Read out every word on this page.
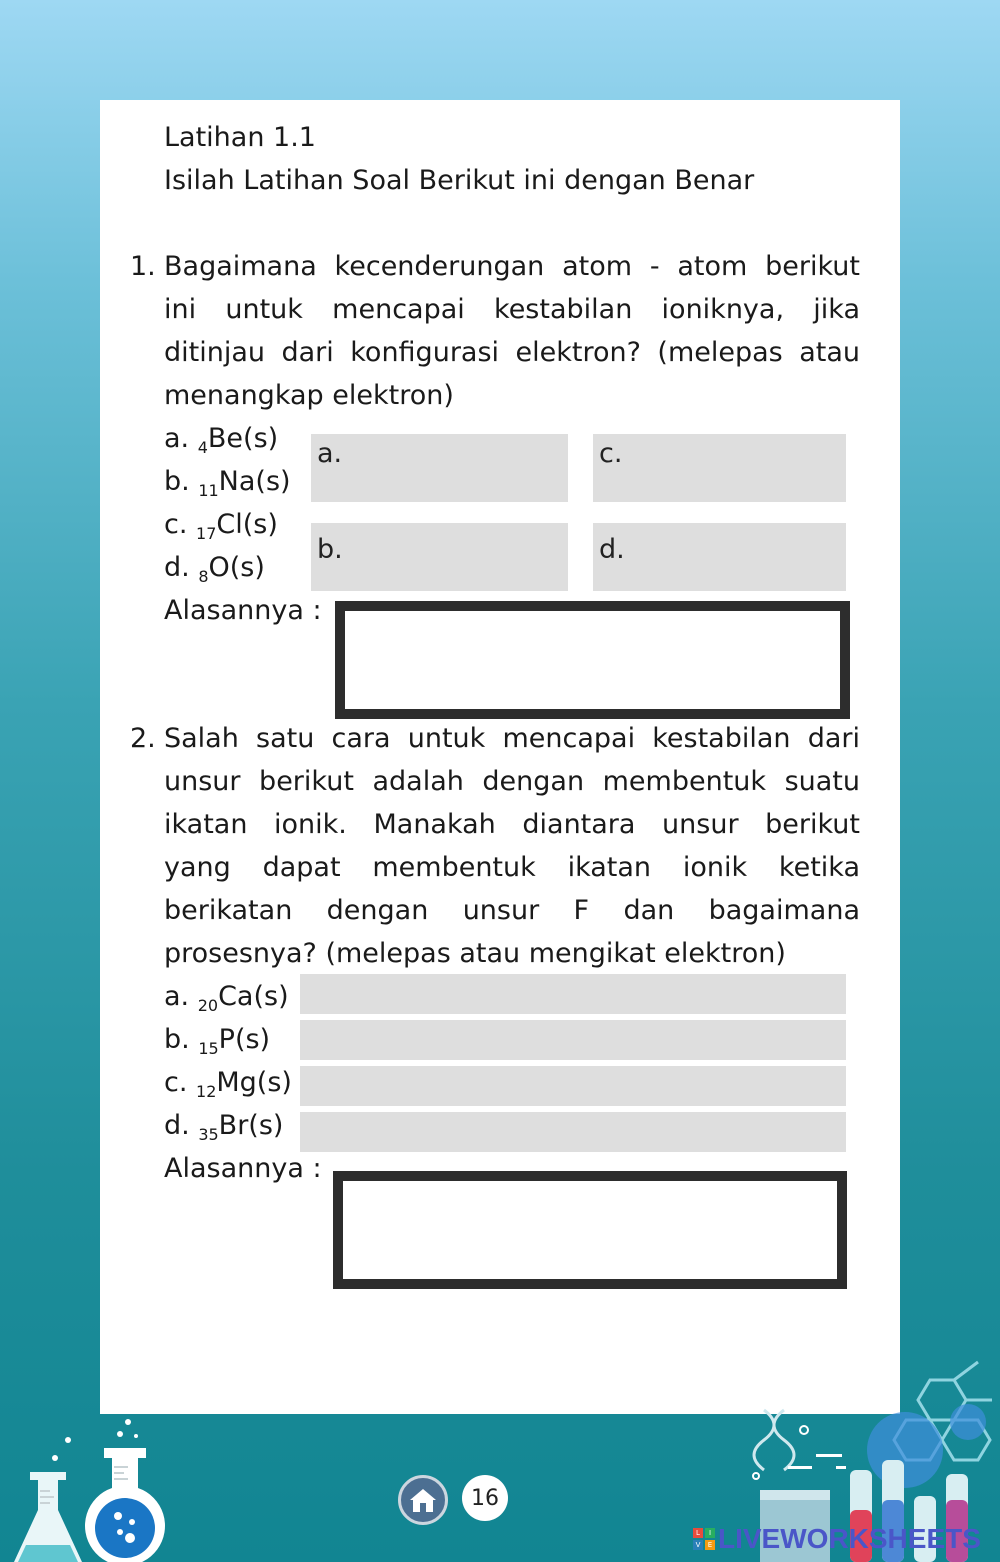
Latihan 1.1
Isilah Latihan Soal Berikut ini dengan Benar
1. Bagaimana kecenderungan atom - atom berikut
ini untuk mencapai kestabilan ioniknya, jika
ditinjau dari konfigurasi elektron? (melepas atau
menangkap elektron)
a. $_4$Be(s)
b. $_{11}$Na(s)
c. $_{17}$Cl(s)
d. $_8$O(s)
a.	c.
b.	d.
Alasannya :
2. Salah satu cara untuk mencapai kestabilan dari
unsur berikut adalah dengan membentuk suatu
ikatan ionik. Manakah diantara unsur berikut
yang dapat membentuk ikatan ionik ketika
berikatan dengan unsur F dan bagaimana
prosesnya? (melepas atau mengikat elektron)
a. $_{20}$Ca(s)
b. $_{15}$P(s)
c. $_{12}$Mg(s)
d. $_{35}$Br(s)
Alasannya :
16
L	I
V	E LIVEWORKSHEETS
